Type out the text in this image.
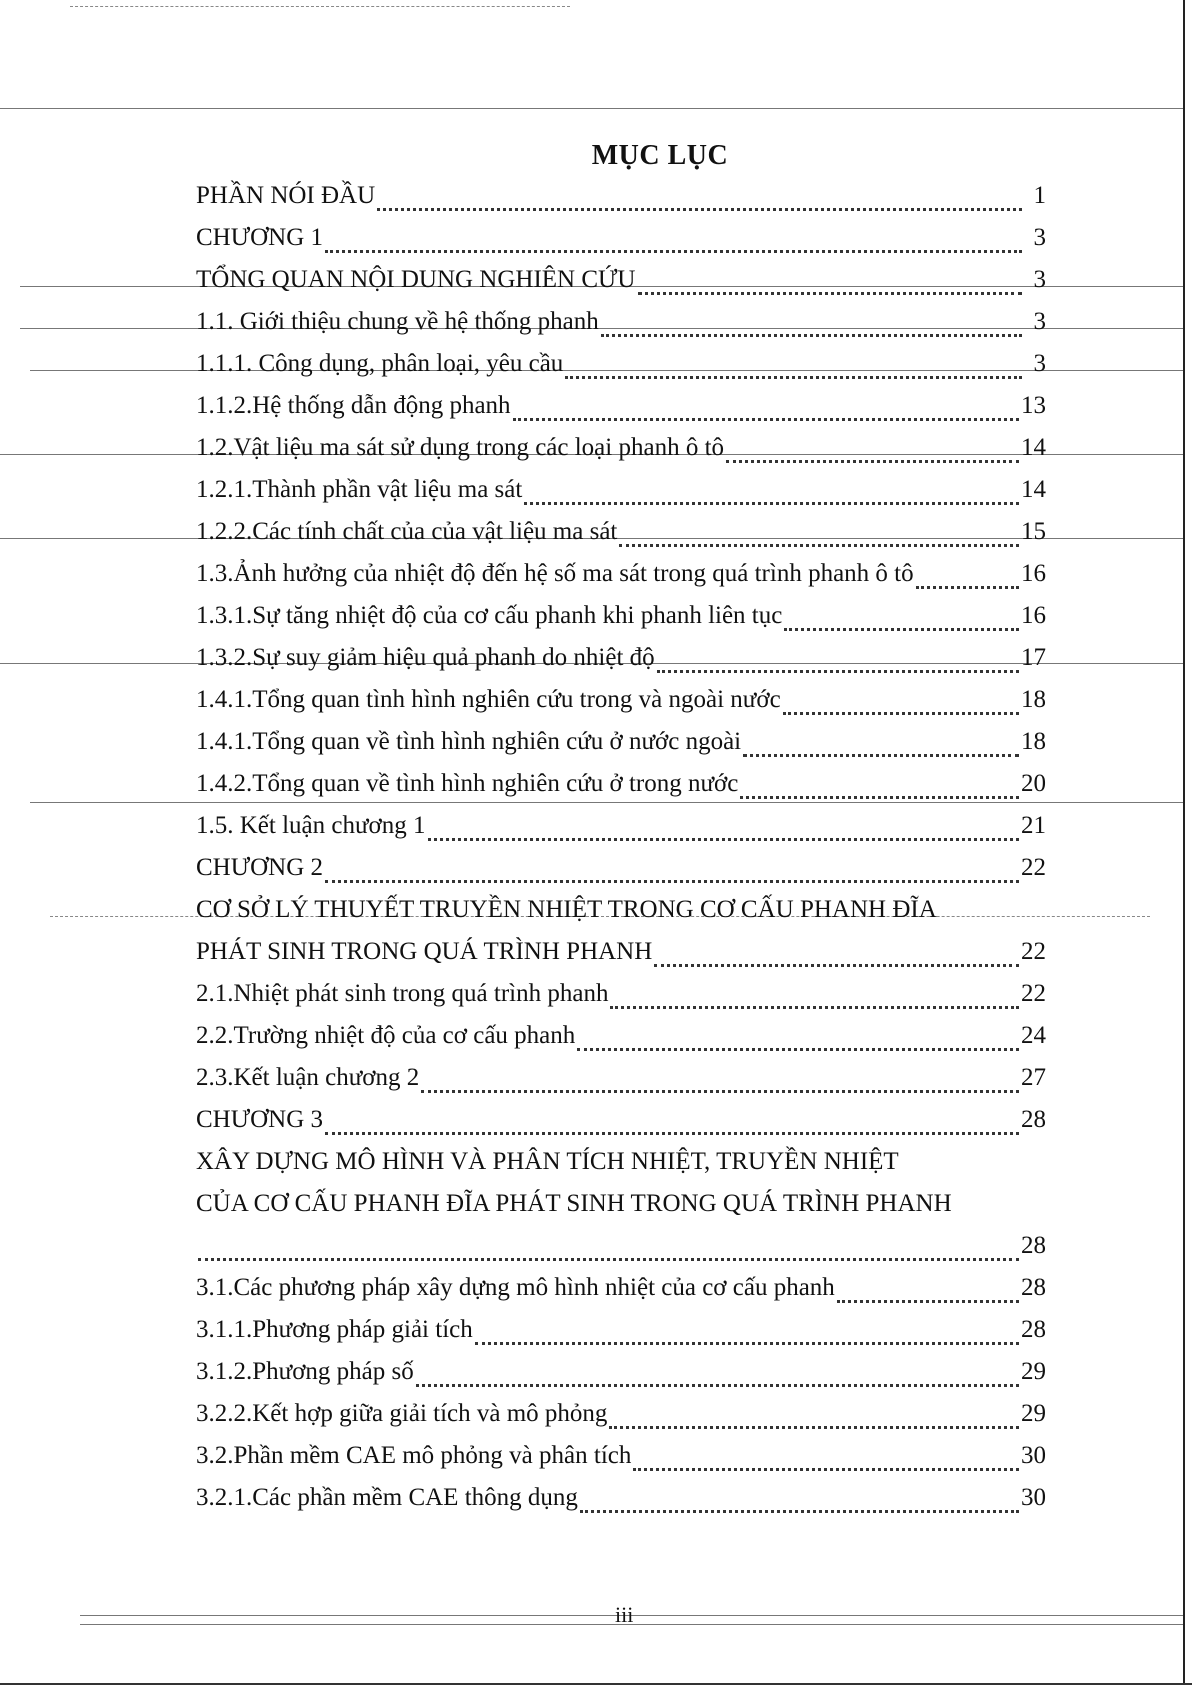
MỤC LỤC
PHẦN NÓI ĐẦU	1
CHƯƠNG 1	3
TỔNG QUAN NỘI DUNG NGHIÊN CỨU	3
1.1. Giới thiệu chung về hệ thống phanh	3
1.1.1. Công dụng, phân loại, yêu cầu	3
1.1.2.Hệ thống dẫn động phanh	13
1.2.Vật liệu ma sát sử dụng trong các loại phanh ô tô	14
1.2.1.Thành phần vật liệu ma sát	14
1.2.2.Các tính chất của của vật liệu ma sát	15
1.3.Ảnh hưởng của nhiệt độ đến hệ số ma sát trong quá trình phanh ô tô	16
1.3.1.Sự tăng nhiệt độ của cơ cấu phanh khi phanh liên tục	16
1.3.2.Sự suy giảm hiệu quả phanh do nhiệt độ	17
1.4.1.Tổng quan tình hình nghiên cứu trong và ngoài nước	18
1.4.1.Tổng quan về tình hình nghiên cứu ở nước ngoài	18
1.4.2.Tổng quan về tình hình nghiên cứu ở trong nước	20
1.5. Kết luận chương 1	21
CHƯƠNG 2	22
CƠ SỞ LÝ THUYẾT TRUYỀN NHIỆT TRONG CƠ CẤU PHANH ĐĨA
PHÁT SINH TRONG QUÁ TRÌNH PHANH	22
2.1.Nhiệt phát sinh trong quá trình phanh	22
2.2.Trường nhiệt độ của cơ cấu phanh	24
2.3.Kết luận chương 2	27
CHƯƠNG 3	28
XÂY DỰNG MÔ HÌNH VÀ PHÂN TÍCH NHIỆT, TRUYỀN NHIỆT
CỦA CƠ CẤU PHANH ĐĨA PHÁT SINH TRONG QUÁ TRÌNH PHANH
28
3.1.Các phương pháp xây dựng mô hình nhiệt của cơ cấu phanh	28
3.1.1.Phương pháp giải tích	28
3.1.2.Phương pháp số	29
3.2.2.Kết hợp giữa giải tích và mô phỏng	29
3.2.Phần mềm CAE mô phỏng và phân tích	30
3.2.1.Các phần mềm CAE thông dụng	30
iii
